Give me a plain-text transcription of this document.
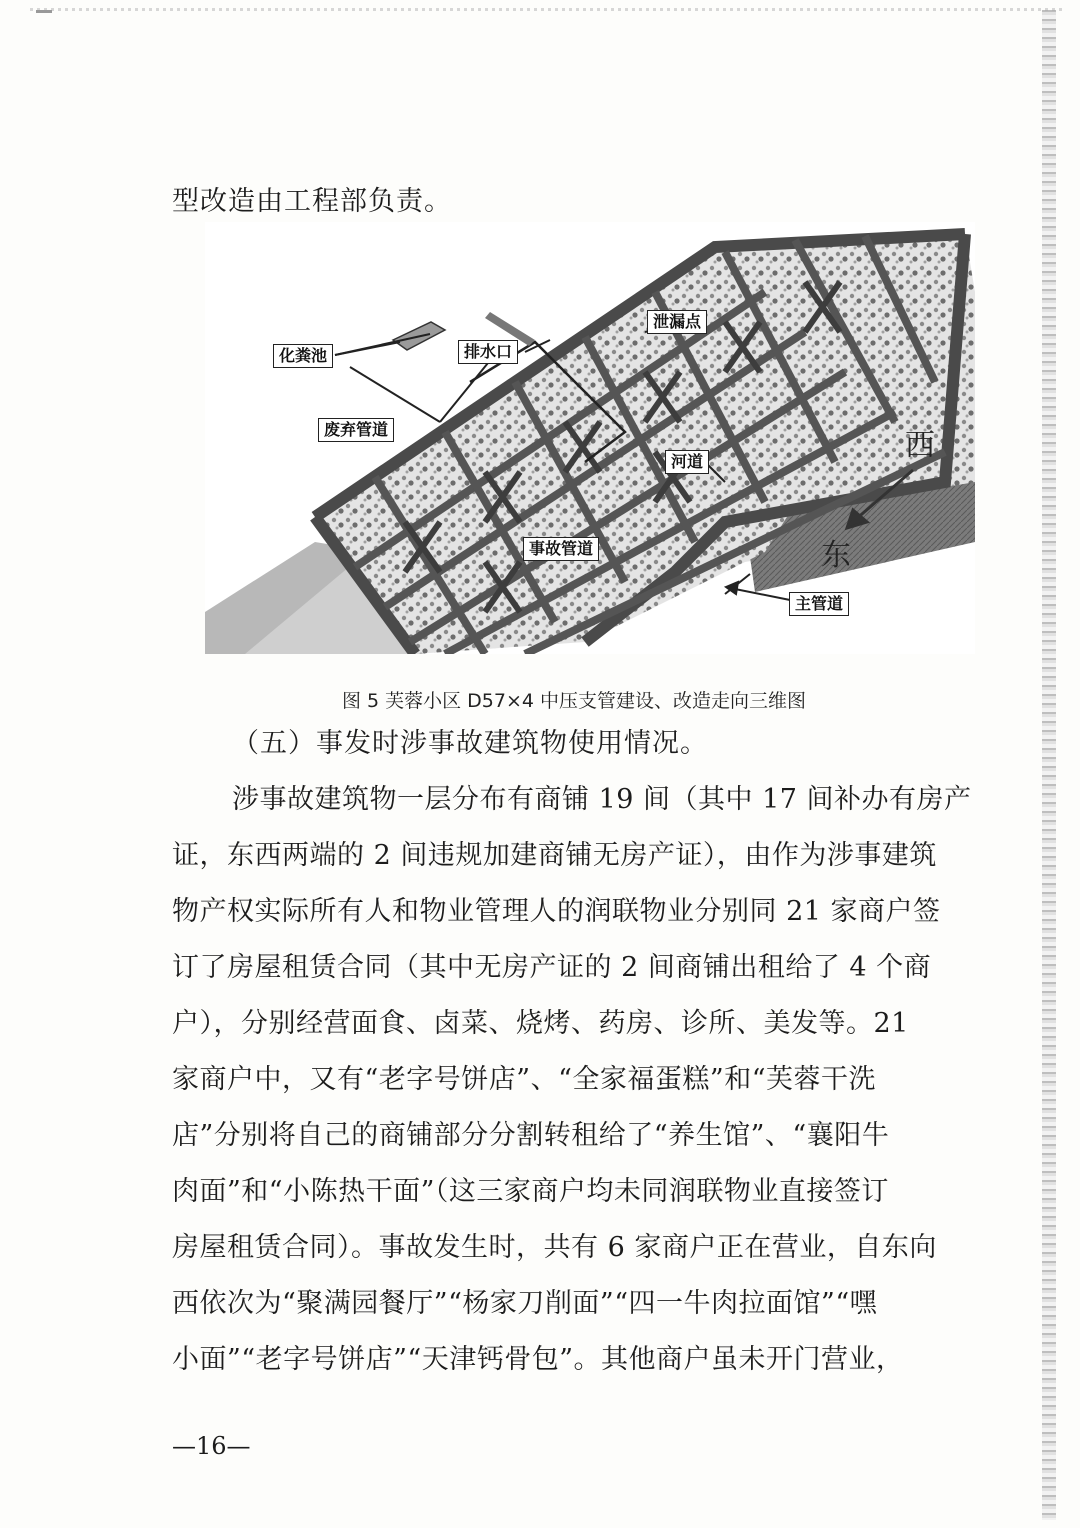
型改造由工程部负责。
化粪池	排水口
泄漏点
废弃管道
河道
事故管道
主管道
西
东
图 5 芙蓉小区 D57×4 中压支管建设、改造走向三维图
（五）事发时涉事故建筑物使用情况。
涉事故建筑物一层分布有商铺 19 间（其中 17 间补办有房产
证，东西两端的 2 间违规加建商铺无房产证），由作为涉事建筑
物产权实际所有人和物业管理人的润联物业分别同 21 家商户签
订了房屋租赁合同（其中无房产证的 2 间商铺出租给了 4 个商
户），分别经营面食、卤菜、烧烤、药房、诊所、美发等。21
家商户中，又有“老字号饼店”、“全家福蛋糕”和“芙蓉干洗
店”分别将自己的商铺部分分割转租给了“养生馆”、“襄阳牛
肉面”和“小陈热干面”（这三家商户均未同润联物业直接签订
房屋租赁合同）。事故发生时，共有 6 家商户正在营业，自东向
西依次为“聚满园餐厅”“杨家刀削面”“四一牛肉拉面馆”“嘿
小面”“老字号饼店”“天津钙骨包”。其他商户虽未开门营业，
—16—
